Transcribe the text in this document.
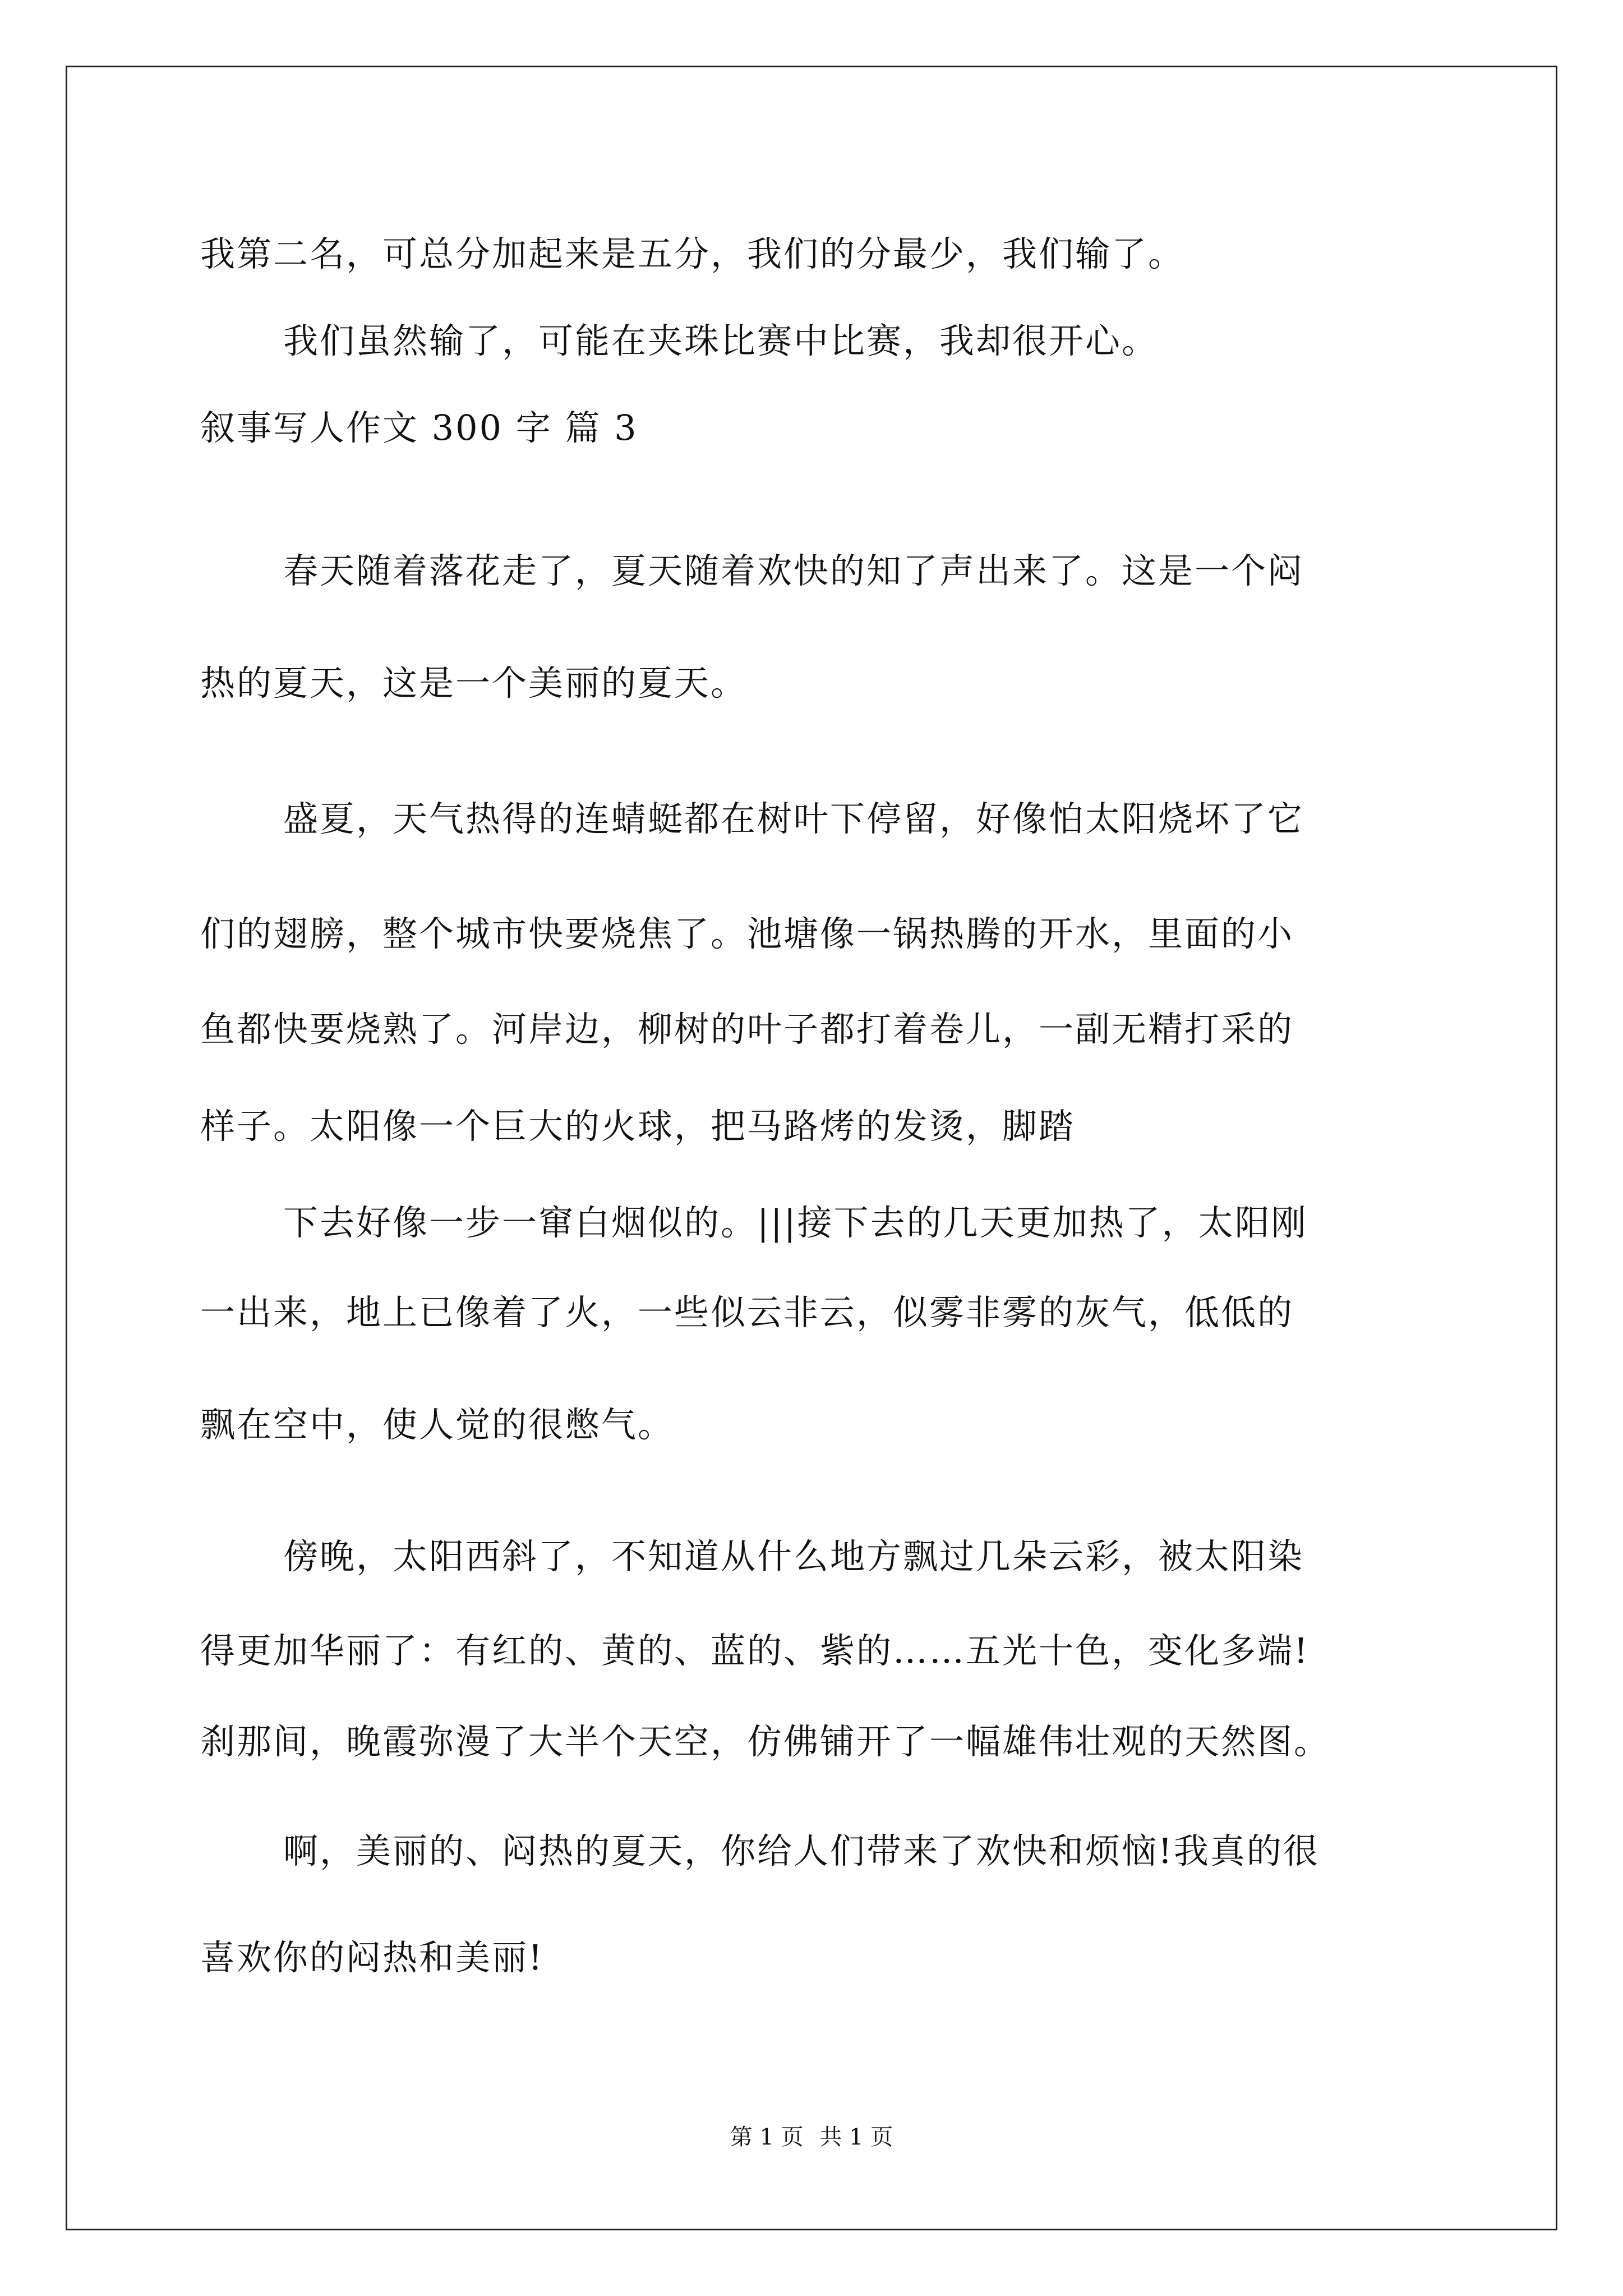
我第二名，可总分加起来是五分，我们的分最少，我们输了。
我们虽然输了，可能在夹珠比赛中比赛，我却很开心。
叙事写人作文 300 字 篇 3
春天随着落花走了，夏天随着欢快的知了声出来了。这是一个闷
热的夏天，这是一个美丽的夏天。
盛夏，天气热得的连蜻蜓都在树叶下停留，好像怕太阳烧坏了它
们的翅膀，整个城市快要烧焦了。池塘像一锅热腾的开水，里面的小
鱼都快要烧熟了。河岸边，柳树的叶子都打着卷儿，一副无精打采的
样子。太阳像一个巨大的火球，把马路烤的发烫，脚踏
下去好像一步一窜白烟似的。|||接下去的几天更加热了，太阳刚
一出来，地上已像着了火，一些似云非云，似雾非雾的灰气，低低的
飘在空中，使人觉的很憋气。
傍晚，太阳西斜了，不知道从什么地方飘过几朵云彩，被太阳染
得更加华丽了：有红的、黄的、蓝的、紫的……五光十色，变化多端!
刹那间，晚霞弥漫了大半个天空，仿佛铺开了一幅雄伟壮观的天然图。
啊，美丽的、闷热的夏天，你给人们带来了欢快和烦恼!我真的很
喜欢你的闷热和美丽!
第 1 页 共 1 页
